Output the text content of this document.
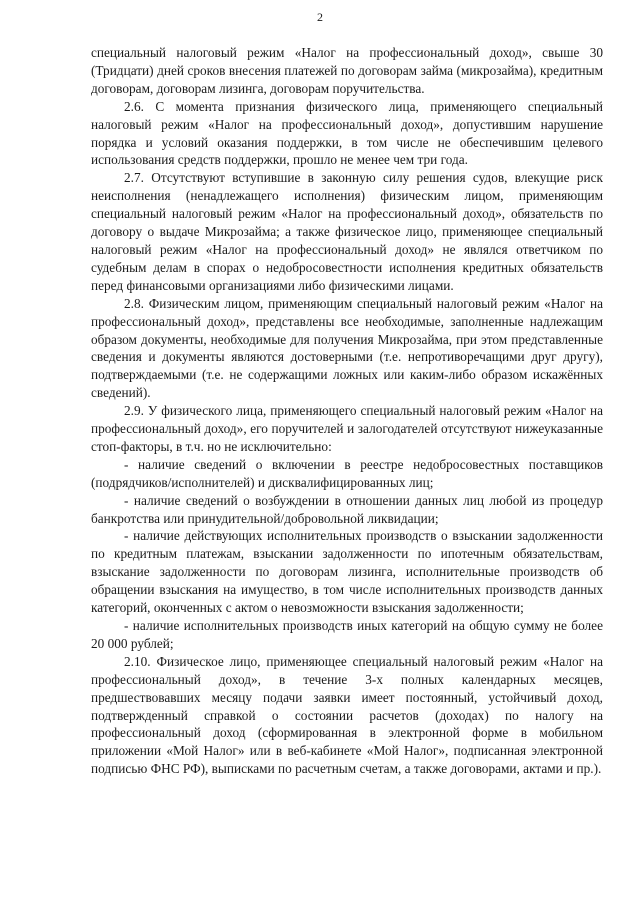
2

специальный налоговый режим «Налог на профессиональный доход», свыше 30 (Тридцати) дней сроков внесения платежей по договорам займа (микрозайма), кредитным договорам, договорам лизинга, договорам поручительства.

2.6. С момента признания физического лица, применяющего специальный налоговый режим «Налог на профессиональный доход», допустившим нарушение порядка и условий оказания поддержки, в том числе не обеспечившим целевого использования средств поддержки, прошло не менее чем три года.

2.7. Отсутствуют вступившие в законную силу решения судов, влекущие риск неисполнения (ненадлежащего исполнения) физическим лицом, применяющим специальный налоговый режим «Налог на профессиональный доход», обязательств по договору о выдаче Микрозайма; а также физическое лицо, применяющее специальный налоговый режим «Налог на профессиональный доход» не являлся ответчиком по судебным делам в спорах о недобросовестности исполнения кредитных обязательств перед финансовыми организациями либо физическими лицами.

2.8. Физическим лицом, применяющим специальный налоговый режим «Налог на профессиональный доход», представлены все необходимые, заполненные надлежащим образом документы, необходимые для получения Микрозайма, при этом представленные сведения и документы являются достоверными (т.е. непротиворечащими друг другу), подтверждаемыми (т.е. не содержащими ложных или каким-либо образом искажённых сведений).

2.9. У физического лица, применяющего специальный налоговый режим «Налог на профессиональный доход», его поручителей и залогодателей отсутствуют нижеуказанные стоп-факторы, в т.ч. но не исключительно:

- наличие сведений о включении в реестре недобросовестных поставщиков (подрядчиков/исполнителей) и дисквалифицированных лиц;

- наличие сведений о возбуждении в отношении данных лиц любой из процедур банкротства или принудительной/добровольной ликвидации;

- наличие действующих исполнительных производств о взыскании задолженности по кредитным платежам, взыскании задолженности по ипотечным обязательствам, взыскание задолженности по договорам лизинга, исполнительные производств об обращении взыскания на имущество, в том числе исполнительных производств данных категорий, оконченных с актом о невозможности взыскания задолженности;

- наличие исполнительных производств иных категорий на общую сумму не более 20 000 рублей;

2.10. Физическое лицо, применяющее специальный налоговый режим «Налог на профессиональный доход», в течение 3-х полных календарных месяцев, предшествовавших месяцу подачи заявки имеет постоянный, устойчивый доход, подтвержденный справкой о состоянии расчетов (доходах) по налогу на профессиональный доход (сформированная в электронной форме в мобильном приложении «Мой Налог» или в веб-кабинете «Мой Налог», подписанная электронной подписью ФНС РФ), выписками по расчетным счетам, а также договорами, актами и пр.).
